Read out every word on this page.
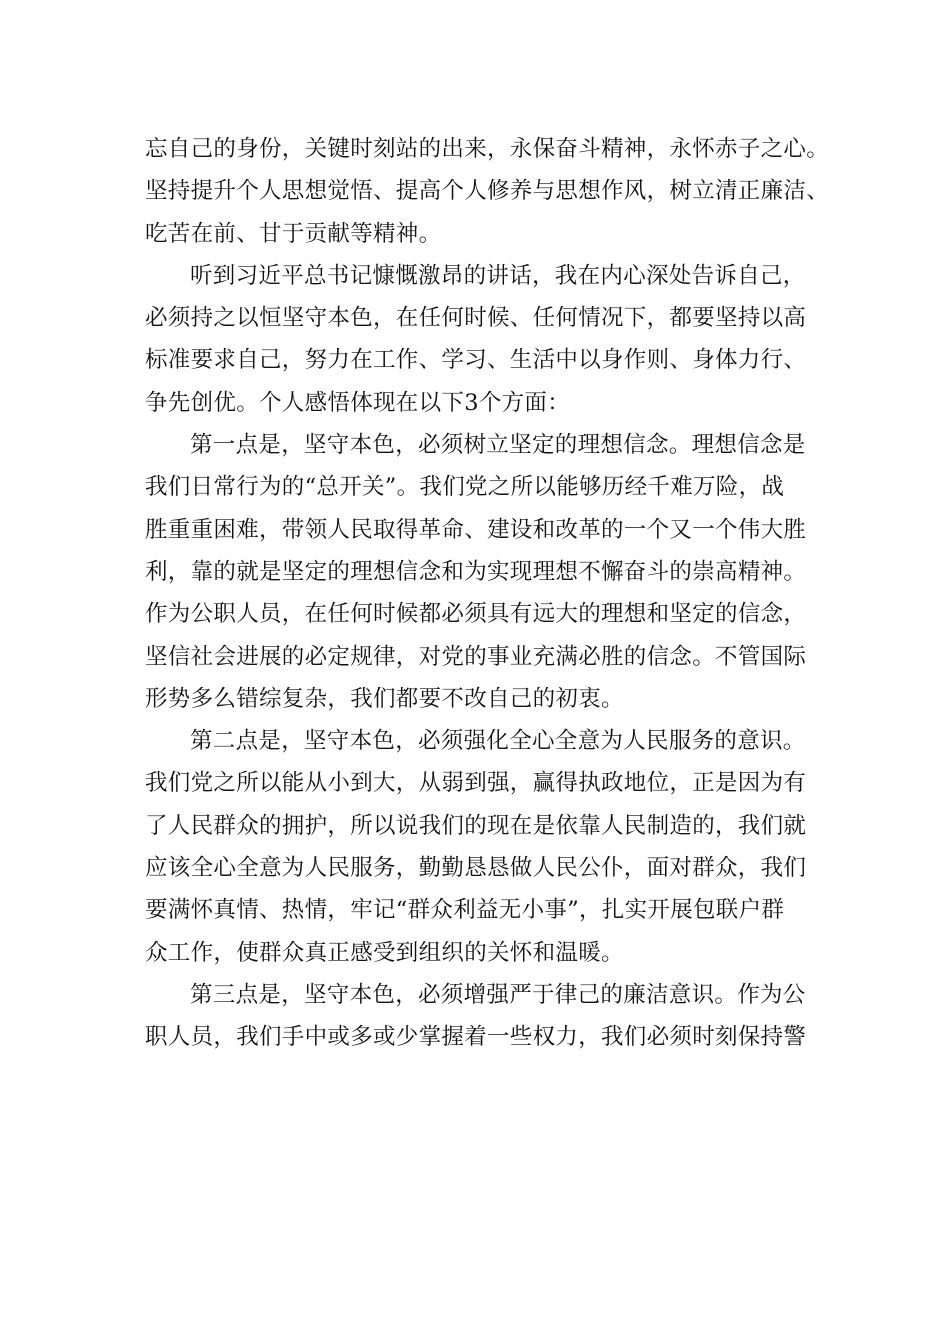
忘自己的身份，关键时刻站的出来，永保奋斗精神，永怀赤子之心。
坚持提升个人思想觉悟、提高个人修养与思想作风，树立清正廉洁、
吃苦在前、甘于贡献等精神。
听到习近平总书记慷慨激昂的讲话，我在内心深处告诉自己，
必须持之以恒坚守本色，在任何时候、任何情况下，都要坚持以高
标准要求自己，努力在工作、学习、生活中以身作则、身体力行、
争先创优。个人感悟体现在以下3个方面：
第一点是，坚守本色，必须树立坚定的理想信念。理想信念是
我们日常行为的“总开关”。我们党之所以能够历经千难万险，战
胜重重困难，带领人民取得革命、建设和改革的一个又一个伟大胜
利，靠的就是坚定的理想信念和为实现理想不懈奋斗的崇高精神。
作为公职人员，在任何时候都必须具有远大的理想和坚定的信念，
坚信社会进展的必定规律，对党的事业充满必胜的信念。不管国际
形势多么错综复杂，我们都要不改自己的初衷。
第二点是，坚守本色，必须强化全心全意为人民服务的意识。
我们党之所以能从小到大，从弱到强，赢得执政地位，正是因为有
了人民群众的拥护，所以说我们的现在是依靠人民制造的，我们就
应该全心全意为人民服务，勤勤恳恳做人民公仆，面对群众，我们
要满怀真情、热情，牢记“群众利益无小事”，扎实开展包联户群
众工作，使群众真正感受到组织的关怀和温暖。
第三点是，坚守本色，必须增强严于律己的廉洁意识。作为公
职人员，我们手中或多或少掌握着一些权力，我们必须时刻保持警
